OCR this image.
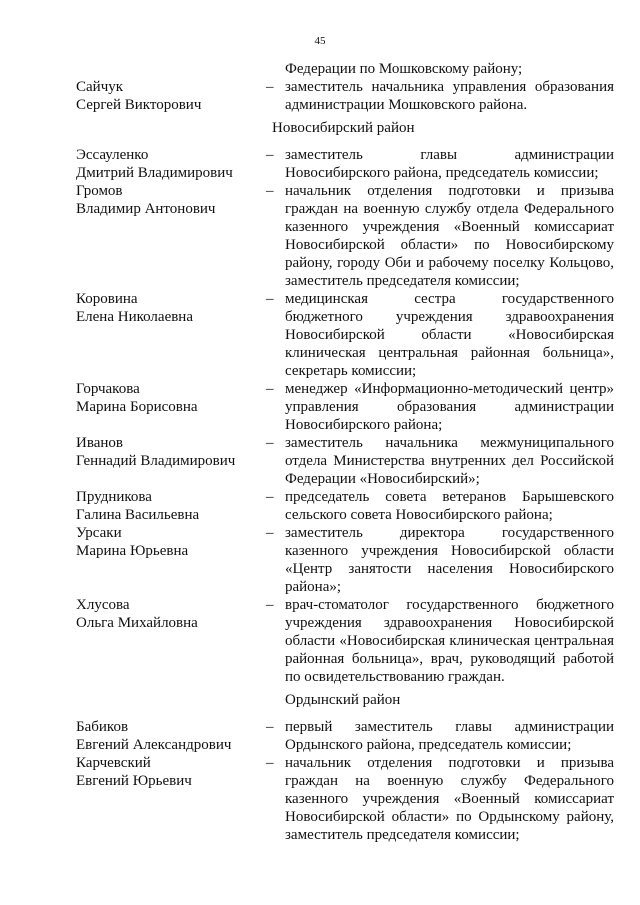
45
Федерации по Мошковскому району;
Сайчук
Сергей Викторович
– заместитель начальника управления образования
администрации Мошковского района.
Новосибирский район
Эссауленко
Дмитрий Владимирович
– заместитель главы администрации
Новосибирского района, председатель комиссии;
Громов
Владимир Антонович
– начальник отделения подготовки и призыва
граждан на военную службу отдела Федерального
казенного учреждения «Военный комиссариат
Новосибирской области» по Новосибирскому
району, городу Оби и рабочему поселку Кольцово,
заместитель председателя комиссии;
Коровина
Елена Николаевна
– медицинская сестра государственного
бюджетного учреждения здравоохранения
Новосибирской области «Новосибирская
клиническая центральная районная больница»,
секретарь комиссии;
Горчакова
Марина Борисовна
– менеджер «Информационно-методический центр»
управления образования администрации
Новосибирского района;
Иванов
Геннадий Владимирович
– заместитель начальника межмуниципального
отдела Министерства внутренних дел Российской
Федерации «Новосибирский»;
Прудникова
Галина Васильевна
– председатель совета ветеранов Барышевского
сельского совета Новосибирского района;
Урсаки
Марина Юрьевна
– заместитель директора государственного
казенного учреждения Новосибирской области
«Центр занятости населения Новосибирского
района»;
Хлусова
Ольга Михайловна
– врач-стоматолог государственного бюджетного
учреждения здравоохранения Новосибирской
области «Новосибирская клиническая центральная
районная больница», врач, руководящий работой
по освидетельствованию граждан.
Ордынский район
Бабиков
Евгений Александрович
– первый заместитель главы администрации
Ордынского района, председатель комиссии;
Карчевский
Евгений Юрьевич
– начальник отделения подготовки и призыва
граждан на военную службу Федерального
казенного учреждения «Военный комиссариат
Новосибирской области» по Ордынскому району,
заместитель председателя комиссии;
